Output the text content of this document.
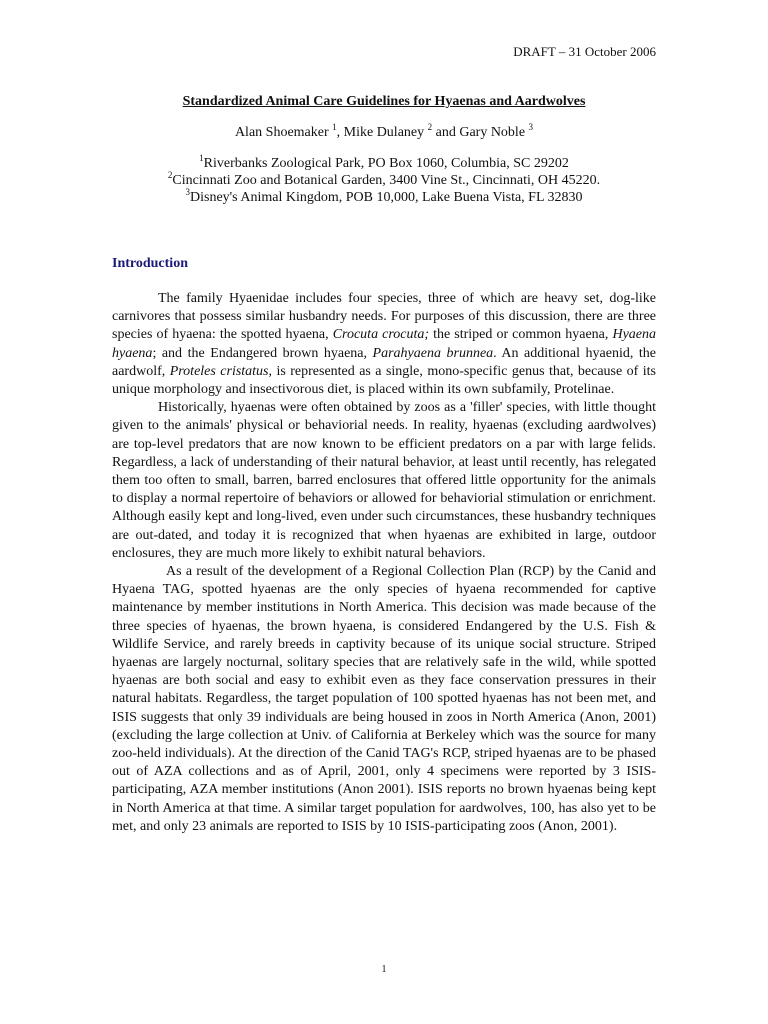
DRAFT – 31 October 2006

Standardized Animal Care Guidelines for Hyaenas and Aardwolves

Alan Shoemaker $^1$, Mike Dulaney $^2$ and Gary Noble $^3$

$^1$Riverbanks Zoological Park, PO Box 1060, Columbia, SC 29202
$^2$Cincinnati Zoo and Botanical Garden, 3400 Vine St., Cincinnati, OH 45220.
$^3$Disney's Animal Kingdom, POB 10,000, Lake Buena Vista, FL 32830
Introduction

The family Hyaenidae includes four species, three of which are heavy set, dog-like carnivores that possess similar husbandry needs. For purposes of this discussion, there are three species of hyaena: the spotted hyaena, Crocuta crocuta; the striped or common hyaena, Hyaena hyaena; and the Endangered brown hyaena, Parahyaena brunnea. An additional hyaenid, the aardwolf, Proteles cristatus, is represented as a single, mono-specific genus that, because of its unique morphology and insectivorous diet, is placed within its own subfamily, Protelinae.

Historically, hyaenas were often obtained by zoos as a 'filler' species, with little thought given to the animals' physical or behaviorial needs. In reality, hyaenas (excluding aardwolves) are top-level predators that are now known to be efficient predators on a par with large felids. Regardless, a lack of understanding of their natural behavior, at least until recently, has relegated them too often to small, barren, barred enclosures that offered little opportunity for the animals to display a normal repertoire of behaviors or allowed for behaviorial stimulation or enrichment. Although easily kept and long-lived, even under such circumstances, these husbandry techniques are out-dated, and today it is recognized that when hyaenas are exhibited in large, outdoor enclosures, they are much more likely to exhibit natural behaviors.

As a result of the development of a Regional Collection Plan (RCP) by the Canid and Hyaena TAG, spotted hyaenas are the only species of hyaena recommended for captive maintenance by member institutions in North America. This decision was made because of the three species of hyaenas, the brown hyaena, is considered Endangered by the U.S. Fish & Wildlife Service, and rarely breeds in captivity because of its unique social structure. Striped hyaenas are largely nocturnal, solitary species that are relatively safe in the wild, while spotted hyaenas are both social and easy to exhibit even as they face conservation pressures in their natural habitats. Regardless, the target population of 100 spotted hyaenas has not been met, and ISIS suggests that only 39 individuals are being housed in zoos in North America (Anon, 2001) (excluding the large collection at Univ. of California at Berkeley which was the source for many zoo-held individuals). At the direction of the Canid TAG's RCP, striped hyaenas are to be phased out of AZA collections and as of April, 2001, only 4 specimens were reported by 3 ISIS-participating, AZA member institutions (Anon 2001). ISIS reports no brown hyaenas being kept in North America at that time. A similar target population for aardwolves, 100, has also yet to be met, and only 23 animals are reported to ISIS by 10 ISIS-participating zoos (Anon, 2001).

1
